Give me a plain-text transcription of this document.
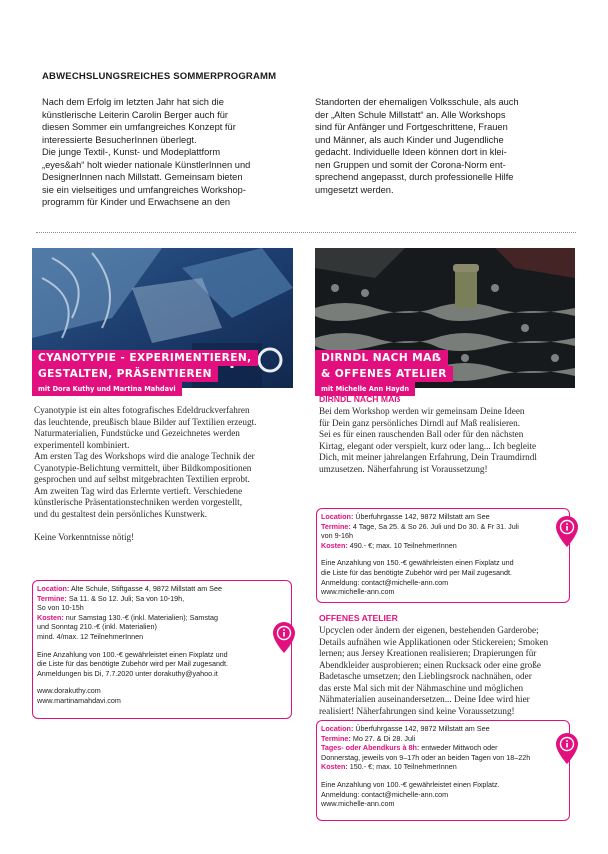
ABWECHSLUNGSREICHES SOMMERPROGRAMM
Nach dem Erfolg im letzten Jahr hat sich die
künstlerische Leiterin Carolin Berger auch für
diesen Sommer ein umfangreiches Konzept für
interessierte BesucherInnen überlegt.
Die junge Textil-, Kunst- und Modeplattform
„eyes&ah“ holt wieder nationale KünstlerInnen und
DesignerInnen nach Millstatt. Gemeinsam bieten
sie ein vielseitiges und umfangreiches Workshop-
programm für Kinder und Erwachsene an den
Standorten der ehemaligen Volksschule, als auch
der „Alten Schule Millstatt“ an. Alle Workshops
sind für Anfänger und Fortgeschrittene, Frauen
und Männer, als auch Kinder und Jugendliche
gedacht. Individuelle Ideen können dort in klei-
nen Gruppen und somit der Corona-Norm ent-
sprechend angepasst, durch professionelle Hilfe
umgesetzt werden.
CYANOTYPIE - EXPERIMENTIEREN,
GESTALTEN, PRÄSENTIEREN
mit Dora Kuthy und Martina Mahdavi
DIRNDL NACH MAẞ
& OFFENES ATELIER
mit Michelle Ann Haydn
Cyanotypie ist ein altes fotografisches Edeldruckverfahren
das leuchtende, preußisch blaue Bilder auf Textilien erzeugt.
Naturmaterialien, Fundstücke und Gezeichnetes werden
experimentell kombiniert.
Am ersten Tag des Workshops wird die analoge Technik der
Cyanotypie-Belichtung vermittelt, über Bildkompositionen
gesprochen und auf selbst mitgebrachten Textilien erprobt.
Am zweiten Tag wird das Erlernte vertieft. Verschiedene
künstlerische Präsentationstechniken werden vorgestellt,
und du gestaltest dein persönliches Kunstwerk.

Keine Vorkenntnisse nötig!
Location: Alte Schule, Stiftgasse 4, 9872 Millstatt am See
Termine: Sa 11. & So 12. Juli; Sa von 10-19h,
So von 10-15h
Kosten: nur Samstag 130.-€ (inkl. Materialien); Samstag
und Sonntag 210.-€ (inkl. Materialien)
mind. 4/max. 12 TeilnehmerInnen
Eine Anzahlung von 100.-€ gewährleistet einen Fixplatz und
die Liste für das benötigte Zubehör wird per Mail zugesandt.
Anmeldungen bis Di, 7.7.2020 unter dorakuthy@yahoo.it
www.dorakuthy.com
www.martinamahdavi.com
DIRNDL NACH MAẞ
Bei dem Workshop werden wir gemeinsam Deine Ideen
für Dein ganz persönliches Dirndl auf Maß realisieren.
Sei es für einen rauschenden Ball oder für den nächsten
Kirtag, elegant oder verspielt, kurz oder lang... Ich begleite
Dich, mit meiner jahrelangen Erfahrung, Dein Traumdirndl
umzusetzen. Näherfahrung ist Voraussetzung!
Location: Überfuhrgasse 142, 9872 Millstatt am See
Termine: 4 Tage, Sa 25. & So 26. Juli und Do 30. & Fr 31. Juli
von 9-16h
Kosten: 490.- €; max. 10 TeilnehmerInnen
Eine Anzahlung von 150.-€ gewährleisten einen Fixplatz und
die Liste für das benötigte Zubehör wird per Mail zugesandt.
Anmeldung: contact@michelle-ann.com
www.michelle-ann.com
OFFENES ATELIER
Upcyclen oder ändern der eigenen, bestehenden Garderobe;
Details aufnähen wie Applikationen oder Stickereien; Smoken
lernen; aus Jersey Kreationen realisieren; Drapierungen für
Abendkleider ausprobieren; einen Rucksack oder eine große
Badetasche umsetzen; den Lieblingsrock nachnähen, oder
das erste Mal sich mit der Nähmaschine und möglichen
Nähmaterialien auseinandersetzen... Deine Idee wird hier
realisiert! Näherfahrungen sind keine Voraussetzung!
Location: Überfuhrgasse 142, 9872 Millstatt am See
Termine: Mo 27. & Di 28. Juli
Tages- oder Abendkurs à 8h: entweder Mittwoch oder
Donnerstag, jeweils von 9–17h oder an beiden Tagen von 18–22h
Kosten: 150.- €; max. 10 TeilnehmerInnen
Eine Anzahlung von 100.-€ gewährleistet einen Fixplatz.
Anmeldung: contact@michelle-ann.com
www.michelle-ann.com
